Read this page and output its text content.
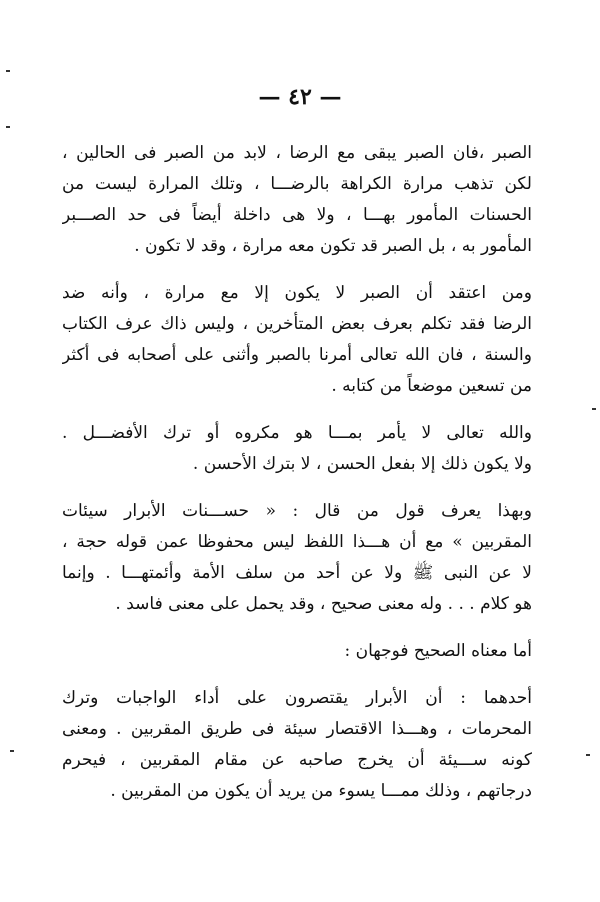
— ٤٢ —

الصبر ،فان الصبر يبقى مع الرضا ، لابد من الصبر فى الحالين ،
لكن تذهب مرارة الكراهة بالرضـــا ، وتلك المرارة ليست من
الحسنات المأمور بهـــا ، ولا هى داخلة أيضاً فى حد الصـــبر
المأمور به ، بل الصبر قد تكون معه مرارة ، وقد لا تكون .

ومن اعتقد أن الصبر لا يكون إلا مع مرارة ، وأنه ضد
الرضا فقد تكلم بعرف بعض المتأخرين ، وليس ذاك عرف الكتاب
والسنة ، فان الله تعالى أمرنا بالصبر وأثنى على أصحابه فى أكثر
من تسعين موضعاً من كتابه .

والله تعالى لا يأمر بمـــا هو مكروه أو ترك الأفضـــل .
ولا يكون ذلك إلا بفعل الحسن ، لا بترك الأحسن .

وبهذا يعرف قول من قال : « حســـنات الأبرار سيئات
المقربين » مع أن هـــذا اللفظ ليس محفوظا عمن قوله حجة ،
لا عن النبى ﷺ ولا عن أحد من سلف الأمة وأئمتهـــا . وإنما
هو كلام . . . وله معنى صحيح ، وقد يحمل على معنى فاسد .

أما معناه الصحيح فوجهان :

أحدهما : أن الأبرار يقتصرون على أداء الواجبات وترك
المحرمات ، وهـــذا الاقتصار سيئة فى طريق المقربين . ومعنى
كونه ســـيئة أن يخرج صاحبه عن مقام المقربين ، فيحرم
درجاتهم ، وذلك ممـــا يسوء من يريد أن يكون من المقربين .
